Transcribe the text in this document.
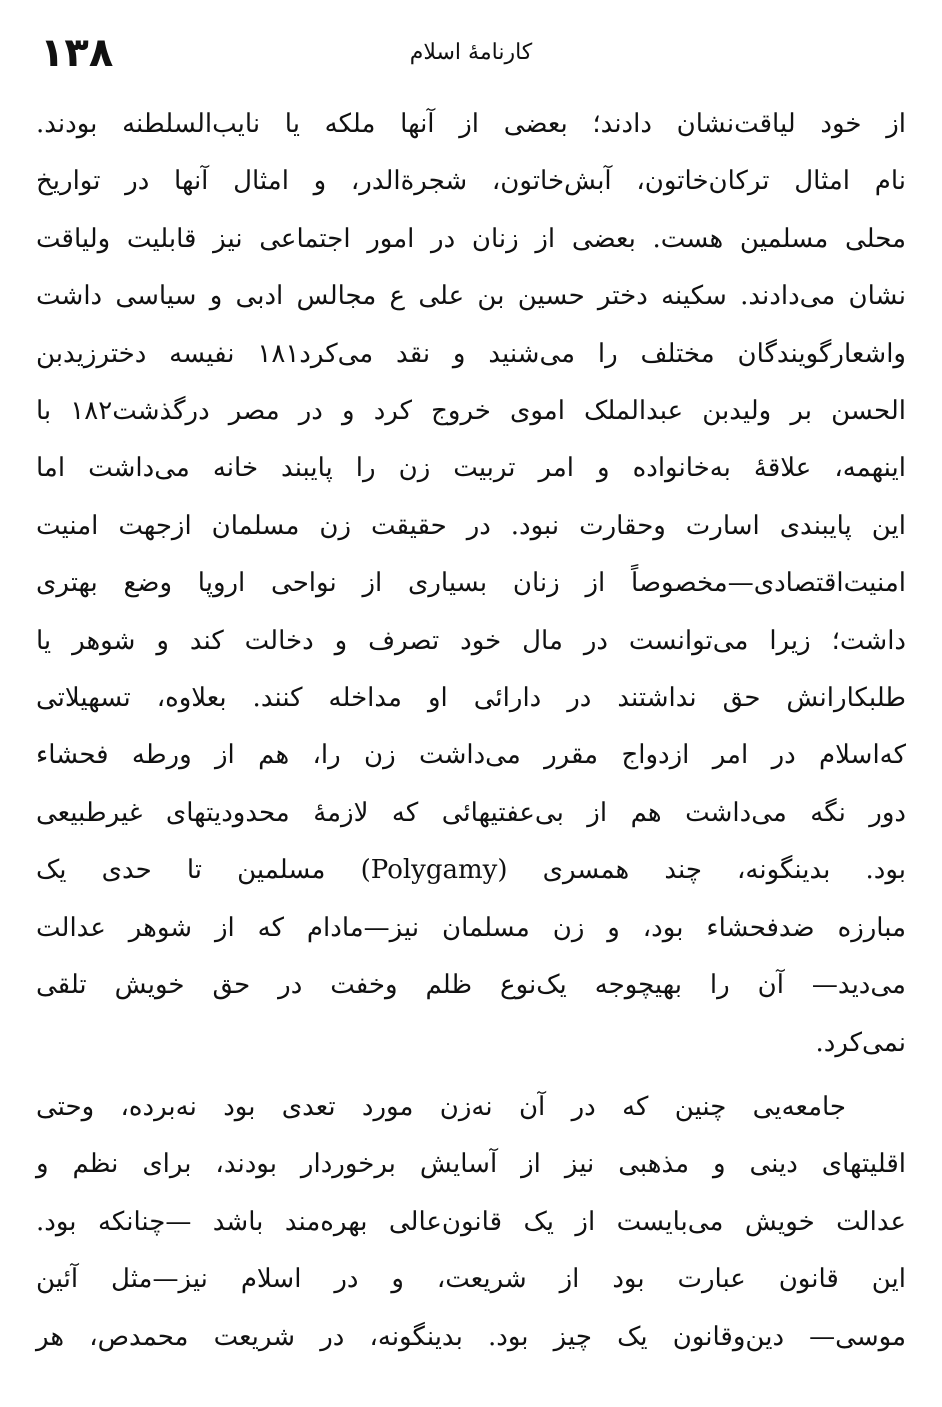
۱۳۸	کارنامهٔ اسلام
از خود لیاقت‌نشان دادند؛ بعضی از آنها ملکه یا نایب‌السلطنه بودند.
نام امثال ترکان‌خاتون، آبش‌خاتون، شجرةالدر، و امثال آنها در تواریخ
محلی مسلمین هست. بعضی از زنان در امور اجتماعی نیز قابلیت ولیاقت
نشان می‌دادند. سکینه دختر حسین بن علی ع مجالس ادبی و سیاسی داشت
واشعارگویندگان مختلف را می‌شنید و نقد می‌کرد۱۸۱ نفیسه دخترزیدبن‌
الحسن بر ولیدبن عبدالملک اموی خروج کرد و در مصر درگذشت۱۸۲ با
اینهمه، علاقهٔ به‌خانواده و امر تربیت زن را پایبند خانه می‌داشت اما
این پایبندی اسارت وحقارت نبود. در حقیقت زن مسلمان ازجهت امنیت‌
امنیت‌اقتصادی—مخصوصاً از زنان بسیاری از نواحی اروپا وضع بهتری
داشت؛ زیرا می‌توانست در مال خود تصرف و دخالت کند و شوهر یا
طلبکارانش حق نداشتند در دارائی او مداخله کنند. بعلاوه، تسهیلاتی
که‌اسلام در امر ازدواج مقرر می‌داشت زن را، هم از ورطه فحشاء
دور نگه می‌داشت هم از بی‌عفتیهائی که لازمهٔ محدودیتهای غیرطبیعی
بود. بدینگونه، چند همسری (Polygamy) مسلمین تا حدی یک
مبارزه ضدفحشاء بود، و زن مسلمان نیز—مادام که از شوهر عدالت
می‌دید— آن را بهیچوجه یک‌نوع ظلم وخفت در حق خویش تلقی
نمی‌کرد.
جامعه‌یی چنین که در آن نه‌زن مورد تعدی بود نه‌برده، وحتی
اقلیتهای دینی و مذهبی نیز از آسایش برخوردار بودند، برای نظم و
عدالت خویش می‌بایست از یک قانون‌عالی بهره‌مند باشد —چنانکه بود.
این قانون عبارت بود از شریعت، و در اسلام نیز—مثل آئین
موسی— دین‌وقانون یک چیز بود. بدینگونه، در شریعت محمدص، هر
